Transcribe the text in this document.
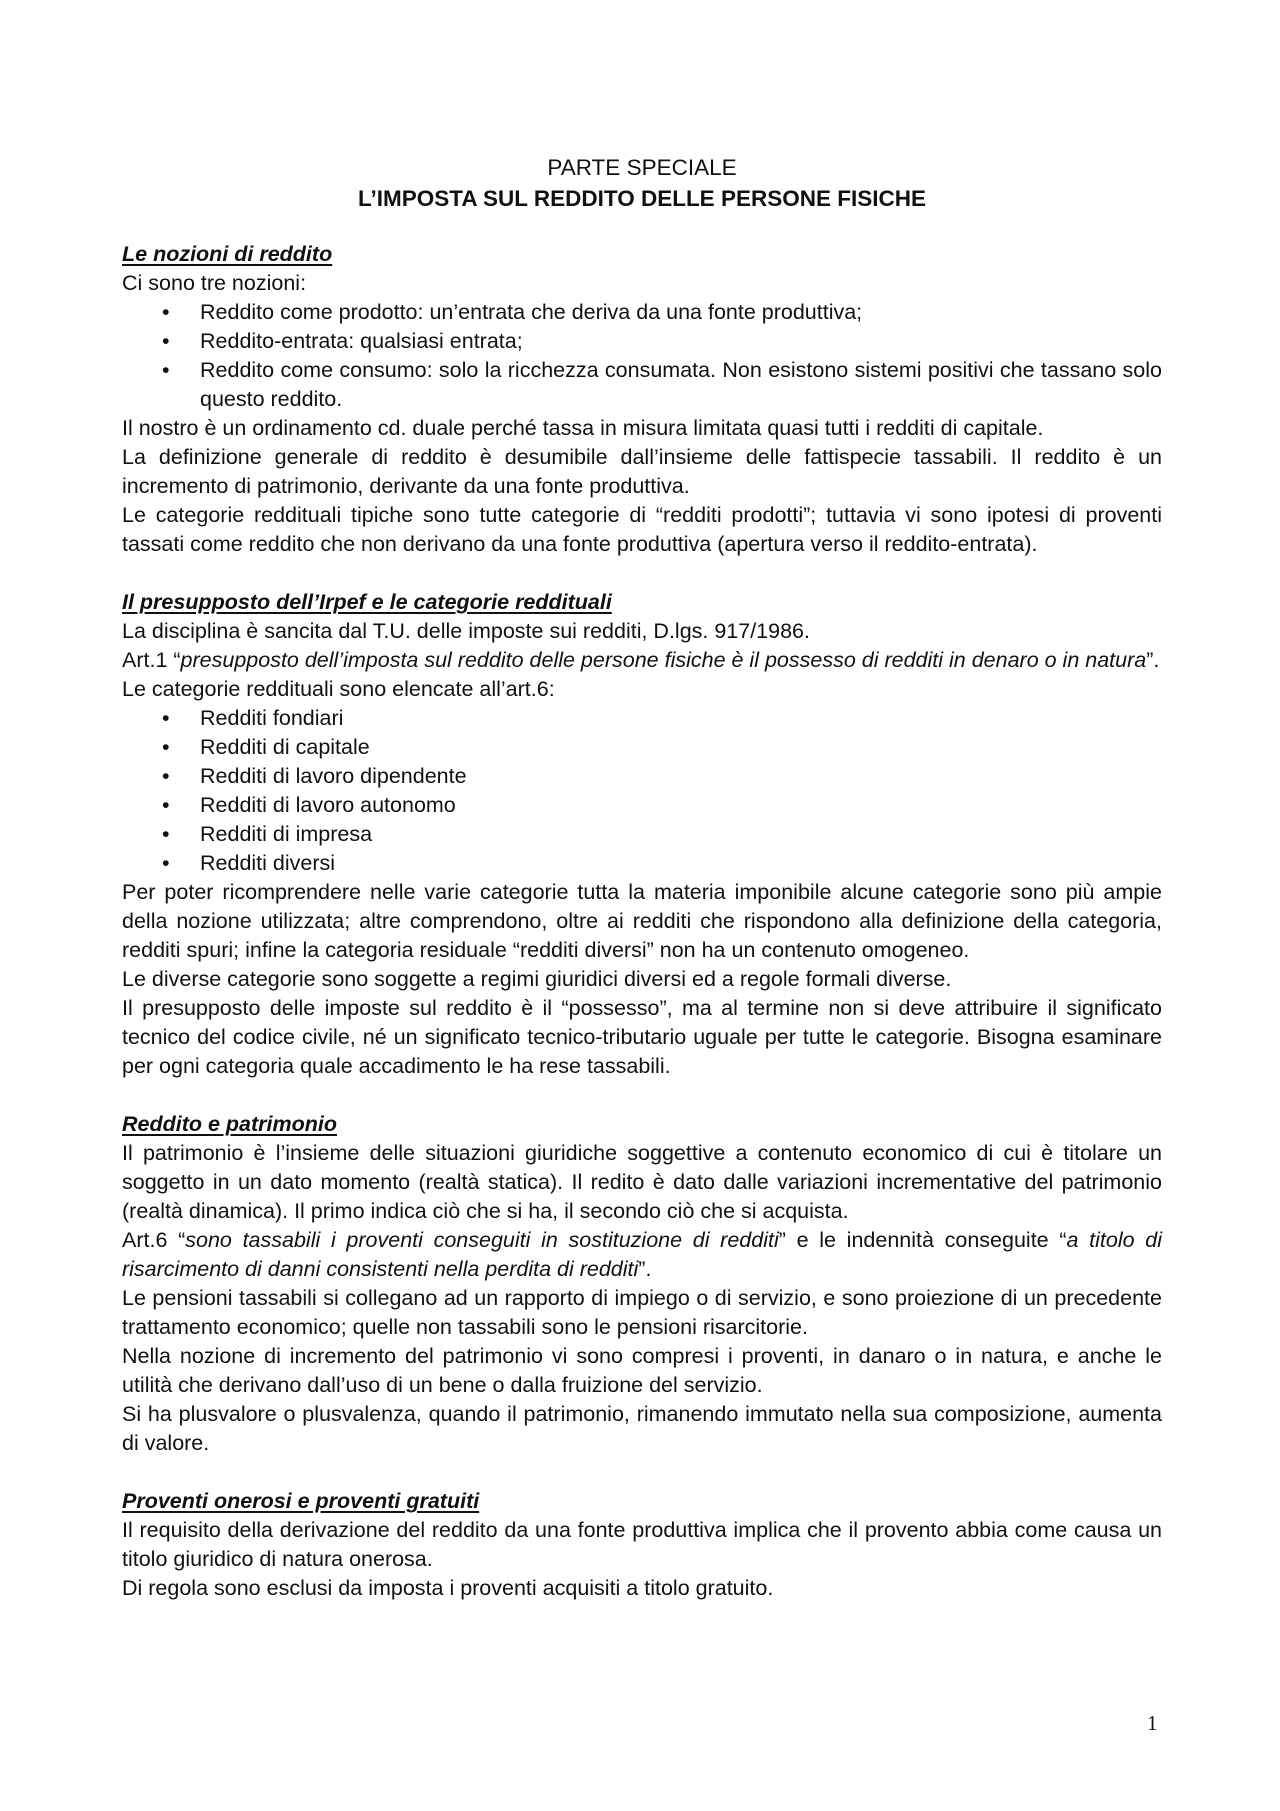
PARTE SPECIALE
L’IMPOSTA SUL REDDITO DELLE PERSONE FISICHE
Le nozioni di reddito

Ci sono tre nozioni:

• Reddito come prodotto: un’entrata che deriva da una fonte produttiva;
• Reddito-entrata: qualsiasi entrata;
• Reddito come consumo: solo la ricchezza consumata. Non esistono sistemi positivi che tassano solo questo reddito.

Il nostro è un ordinamento cd. duale perché tassa in misura limitata quasi tutti i redditi di capitale.

La definizione generale di reddito è desumibile dall’insieme delle fattispecie tassabili. Il reddito è un incremento di patrimonio, derivante da una fonte produttiva.

Le categorie reddituali tipiche sono tutte categorie di “redditi prodotti”; tuttavia vi sono ipotesi di proventi tassati come reddito che non derivano da una fonte produttiva (apertura verso il reddito-entrata).

Il presupposto dell’Irpef e le categorie reddituali

La disciplina è sancita dal T.U. delle imposte sui redditi, D.lgs. 917/1986.

Art.1 “presupposto dell’imposta sul reddito delle persone fisiche è il possesso di redditi in denaro o in natura”.

Le categorie reddituali sono elencate all’art.6:

• Redditi fondiari
• Redditi di capitale
• Redditi di lavoro dipendente
• Redditi di lavoro autonomo
• Redditi di impresa
• Redditi diversi

Per poter ricomprendere nelle varie categorie tutta la materia imponibile alcune categorie sono più ampie della nozione utilizzata; altre comprendono, oltre ai redditi che rispondono alla definizione della categoria, redditi spuri; infine la categoria residuale “redditi diversi” non ha un contenuto omogeneo.

Le diverse categorie sono soggette a regimi giuridici diversi ed a regole formali diverse.

Il presupposto delle imposte sul reddito è il “possesso”, ma al termine non si deve attribuire il significato tecnico del codice civile, né un significato tecnico-tributario uguale per tutte le categorie. Bisogna esaminare per ogni categoria quale accadimento le ha rese tassabili.

Reddito e patrimonio

Il patrimonio è l’insieme delle situazioni giuridiche soggettive a contenuto economico di cui è titolare un soggetto in un dato momento (realtà statica). Il redito è dato dalle variazioni incrementative del patrimonio (realtà dinamica). Il primo indica ciò che si ha, il secondo ciò che si acquista.

Art.6 “sono tassabili i proventi conseguiti in sostituzione di redditi” e le indennità conseguite “a titolo di risarcimento di danni consistenti nella perdita di redditi”.

Le pensioni tassabili si collegano ad un rapporto di impiego o di servizio, e sono proiezione di un precedente trattamento economico; quelle non tassabili sono le pensioni risarcitorie.

Nella nozione di incremento del patrimonio vi sono compresi i proventi, in danaro o in natura, e anche le utilità che derivano dall’uso di un bene o dalla fruizione del servizio.

Si ha plusvalore o plusvalenza, quando il patrimonio, rimanendo immutato nella sua composizione, aumenta di valore.

Proventi onerosi e proventi gratuiti

Il requisito della derivazione del reddito da una fonte produttiva implica che il provento abbia come causa un titolo giuridico di natura onerosa.

Di regola sono esclusi da imposta i proventi acquisiti a titolo gratuito.

1
